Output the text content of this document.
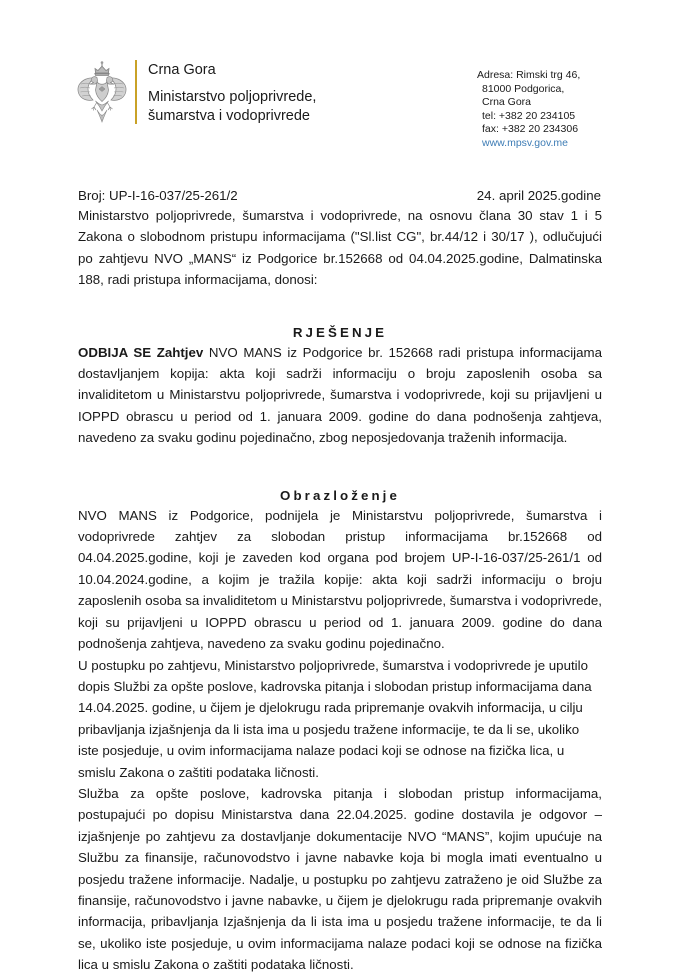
Crna Gora
Ministarstvo poljoprivrede,
šumarstva i vodoprivrede
Adresa: Rimski trg 46,
81000 Podgorica,
Crna Gora
tel: +382 20 234105
fax: +382 20 234306
www.mpsv.gov.me
Broj: UP-I-16-037/25-261/2	24. april 2025.godine

Ministarstvo poljoprivrede, šumarstva i vodoprivrede, na osnovu člana 30 stav 1 i 5 Zakona o slobodnom pristupu informacijama ("Sl.list CG", br.44/12 i 30/17 ), odlučujući po zahtjevu NVO „MANS“ iz Podgorice br.152668 od 04.04.2025.godine, Dalmatinska 188, radi pristupa informacijama, donosi:

RJEŠENJE

ODBIJA SE Zahtjev NVO MANS iz Podgorice br. 152668 radi pristupa informacijama dostavljanjem kopija: akta koji sadrži informaciju o broju zaposlenih osoba sa invaliditetom u Ministarstvu poljoprivrede, šumarstva i vodoprivrede, koji su prijavljeni u IOPPD obrascu u period od 1. januara 2009. godine do dana podnošenja zahtjeva, navedeno za svaku godinu pojedinačno, zbog neposjedovanja traženih informacija.

Obrazloženje

NVO MANS iz Podgorice, podnijela je Ministarstvu poljoprivrede, šumarstva i vodoprivrede zahtjev za slobodan pristup informacijama br.152668 od 04.04.2025.godine, koji je zaveden kod organa pod brojem UP-I-16-037/25-261/1 od 10.04.2024.godine, a kojim je tražila kopije: akta koji sadrži informaciju o broju zaposlenih osoba sa invaliditetom u Ministarstvu poljoprivrede, šumarstva i vodoprivrede, koji su prijavljeni u IOPPD obrascu u period od 1. januara 2009. godine do dana podnošenja zahtjeva, navedeno za svaku godinu pojedinačno.

U postupku po zahtjevu, Ministarstvo poljoprivrede, šumarstva i vodoprivrede je uputilo dopis Službi za opšte poslove, kadrovska pitanja i slobodan pristup informacijama dana 14.04.2025. godine, u čijem je djelokrugu rada pripremanje ovakvih informacija, u cilju pribavljanja izjašnjenja da li ista ima u posjedu tražene informacije, te da li se, ukoliko iste posjeduje, u ovim informacijama nalaze podaci koji se odnose na fizička lica, u smislu Zakona o zaštiti podataka ličnosti.

Služba za opšte poslove, kadrovska pitanja i slobodan pristup informacijama, postupajući po dopisu Ministarstva dana 22.04.2025. godine dostavila je odgovor – izjašnjenje po zahtjevu za dostavljanje dokumentacije NVO “MANS”, kojim upućuje na Službu za finansije, računovodstvo i javne nabavke koja bi mogla imati eventualno u posjedu tražene informacije. Nadalje, u postupku po zahtjevu zatraženo je oid Službe za finansije, računovodstvo i javne nabavke, u čijem je djelokrugu rada pripremanje ovakvih informacija, pribavljanja Izjašnjenja da li ista ima u posjedu tražene informacije, te da li se, ukoliko iste posjeduje, u ovim informacijama nalaze podaci koji se odnose na fizička lica u smislu Zakona o zaštiti podataka ličnosti.
